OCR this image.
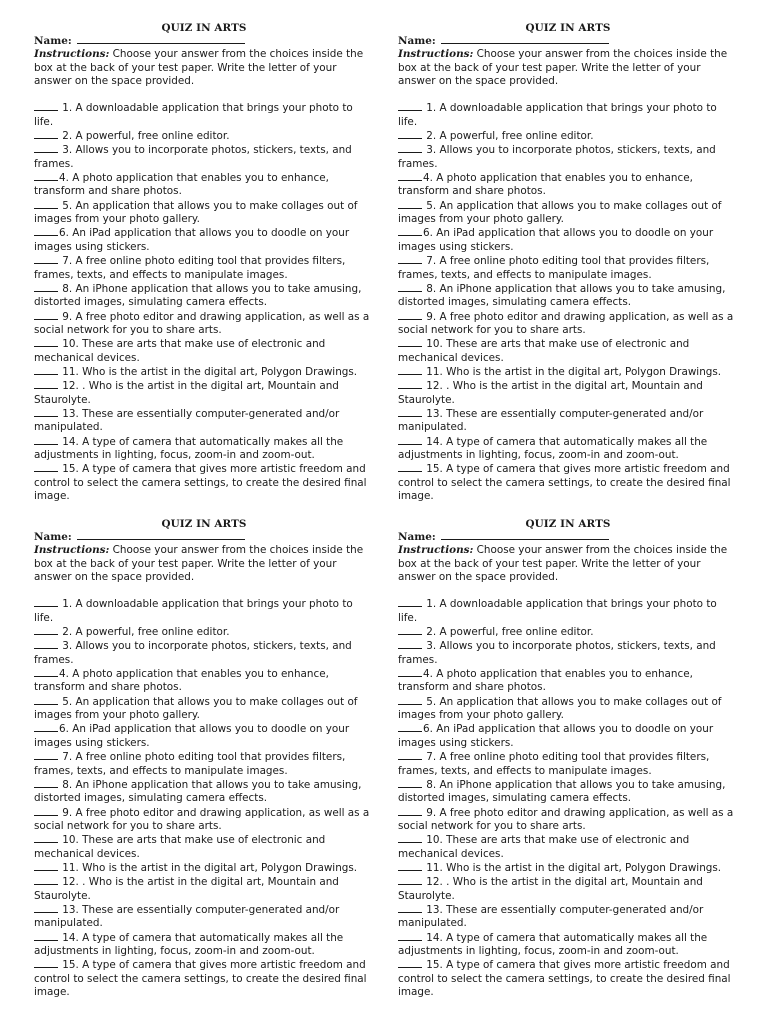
QUIZ IN ARTS
Name:

Instructions: Choose your answer from the choices inside the box at the back of your test paper. Write the letter of your answer on the space provided.

1. A downloadable application that brings your photo to life.
2. A powerful, free online editor.
3. Allows you to incorporate photos, stickers, texts, and frames.
4. A photo application that enables you to enhance, transform and share photos.
5. An application that allows you to make collages out of images from your photo gallery.
6. An iPad application that allows you to doodle on your images using stickers.
7. A free online photo editing tool that provides filters, frames, texts, and effects to manipulate images.
8. An iPhone application that allows you to take amusing, distorted images, simulating camera effects.
9. A free photo editor and drawing application, as well as a social network for you to share arts.
10. These are arts that make use of electronic and mechanical devices.
11. Who is the artist in the digital art, Polygon Drawings.
12. . Who is the artist in the digital art, Mountain and Staurolyte.
13. These are essentially computer-generated and/or manipulated.
14. A type of camera that automatically makes all the adjustments in lighting, focus, zoom-in and zoom-out.
15. A type of camera that gives more artistic freedom and control to select the camera settings, to create the desired final image.
QUIZ IN ARTS
Name:

Instructions: Choose your answer from the choices inside the box at the back of your test paper. Write the letter of your answer on the space provided.

1. A downloadable application that brings your photo to life.
2. A powerful, free online editor.
3. Allows you to incorporate photos, stickers, texts, and frames.
4. A photo application that enables you to enhance, transform and share photos.
5. An application that allows you to make collages out of images from your photo gallery.
6. An iPad application that allows you to doodle on your images using stickers.
7. A free online photo editing tool that provides filters, frames, texts, and effects to manipulate images.
8. An iPhone application that allows you to take amusing, distorted images, simulating camera effects.
9. A free photo editor and drawing application, as well as a social network for you to share arts.
10. These are arts that make use of electronic and mechanical devices.
11. Who is the artist in the digital art, Polygon Drawings.
12. . Who is the artist in the digital art, Mountain and Staurolyte.
13. These are essentially computer-generated and/or manipulated.
14. A type of camera that automatically makes all the adjustments in lighting, focus, zoom-in and zoom-out.
15. A type of camera that gives more artistic freedom and control to select the camera settings, to create the desired final image.
QUIZ IN ARTS
Name:

Instructions: Choose your answer from the choices inside the box at the back of your test paper. Write the letter of your answer on the space provided.

1. A downloadable application that brings your photo to life.
2. A powerful, free online editor.
3. Allows you to incorporate photos, stickers, texts, and frames.
4. A photo application that enables you to enhance, transform and share photos.
5. An application that allows you to make collages out of images from your photo gallery.
6. An iPad application that allows you to doodle on your images using stickers.
7. A free online photo editing tool that provides filters, frames, texts, and effects to manipulate images.
8. An iPhone application that allows you to take amusing, distorted images, simulating camera effects.
9. A free photo editor and drawing application, as well as a social network for you to share arts.
10. These are arts that make use of electronic and mechanical devices.
11. Who is the artist in the digital art, Polygon Drawings.
12. . Who is the artist in the digital art, Mountain and Staurolyte.
13. These are essentially computer-generated and/or manipulated.
14. A type of camera that automatically makes all the adjustments in lighting, focus, zoom-in and zoom-out.
15. A type of camera that gives more artistic freedom and control to select the camera settings, to create the desired final image.
QUIZ IN ARTS
Name:

Instructions: Choose your answer from the choices inside the box at the back of your test paper. Write the letter of your answer on the space provided.

1. A downloadable application that brings your photo to life.
2. A powerful, free online editor.
3. Allows you to incorporate photos, stickers, texts, and frames.
4. A photo application that enables you to enhance, transform and share photos.
5. An application that allows you to make collages out of images from your photo gallery.
6. An iPad application that allows you to doodle on your images using stickers.
7. A free online photo editing tool that provides filters, frames, texts, and effects to manipulate images.
8. An iPhone application that allows you to take amusing, distorted images, simulating camera effects.
9. A free photo editor and drawing application, as well as a social network for you to share arts.
10. These are arts that make use of electronic and mechanical devices.
11. Who is the artist in the digital art, Polygon Drawings.
12. . Who is the artist in the digital art, Mountain and Staurolyte.
13. These are essentially computer-generated and/or manipulated.
14. A type of camera that automatically makes all the adjustments in lighting, focus, zoom-in and zoom-out.
15. A type of camera that gives more artistic freedom and control to select the camera settings, to create the desired final image.
